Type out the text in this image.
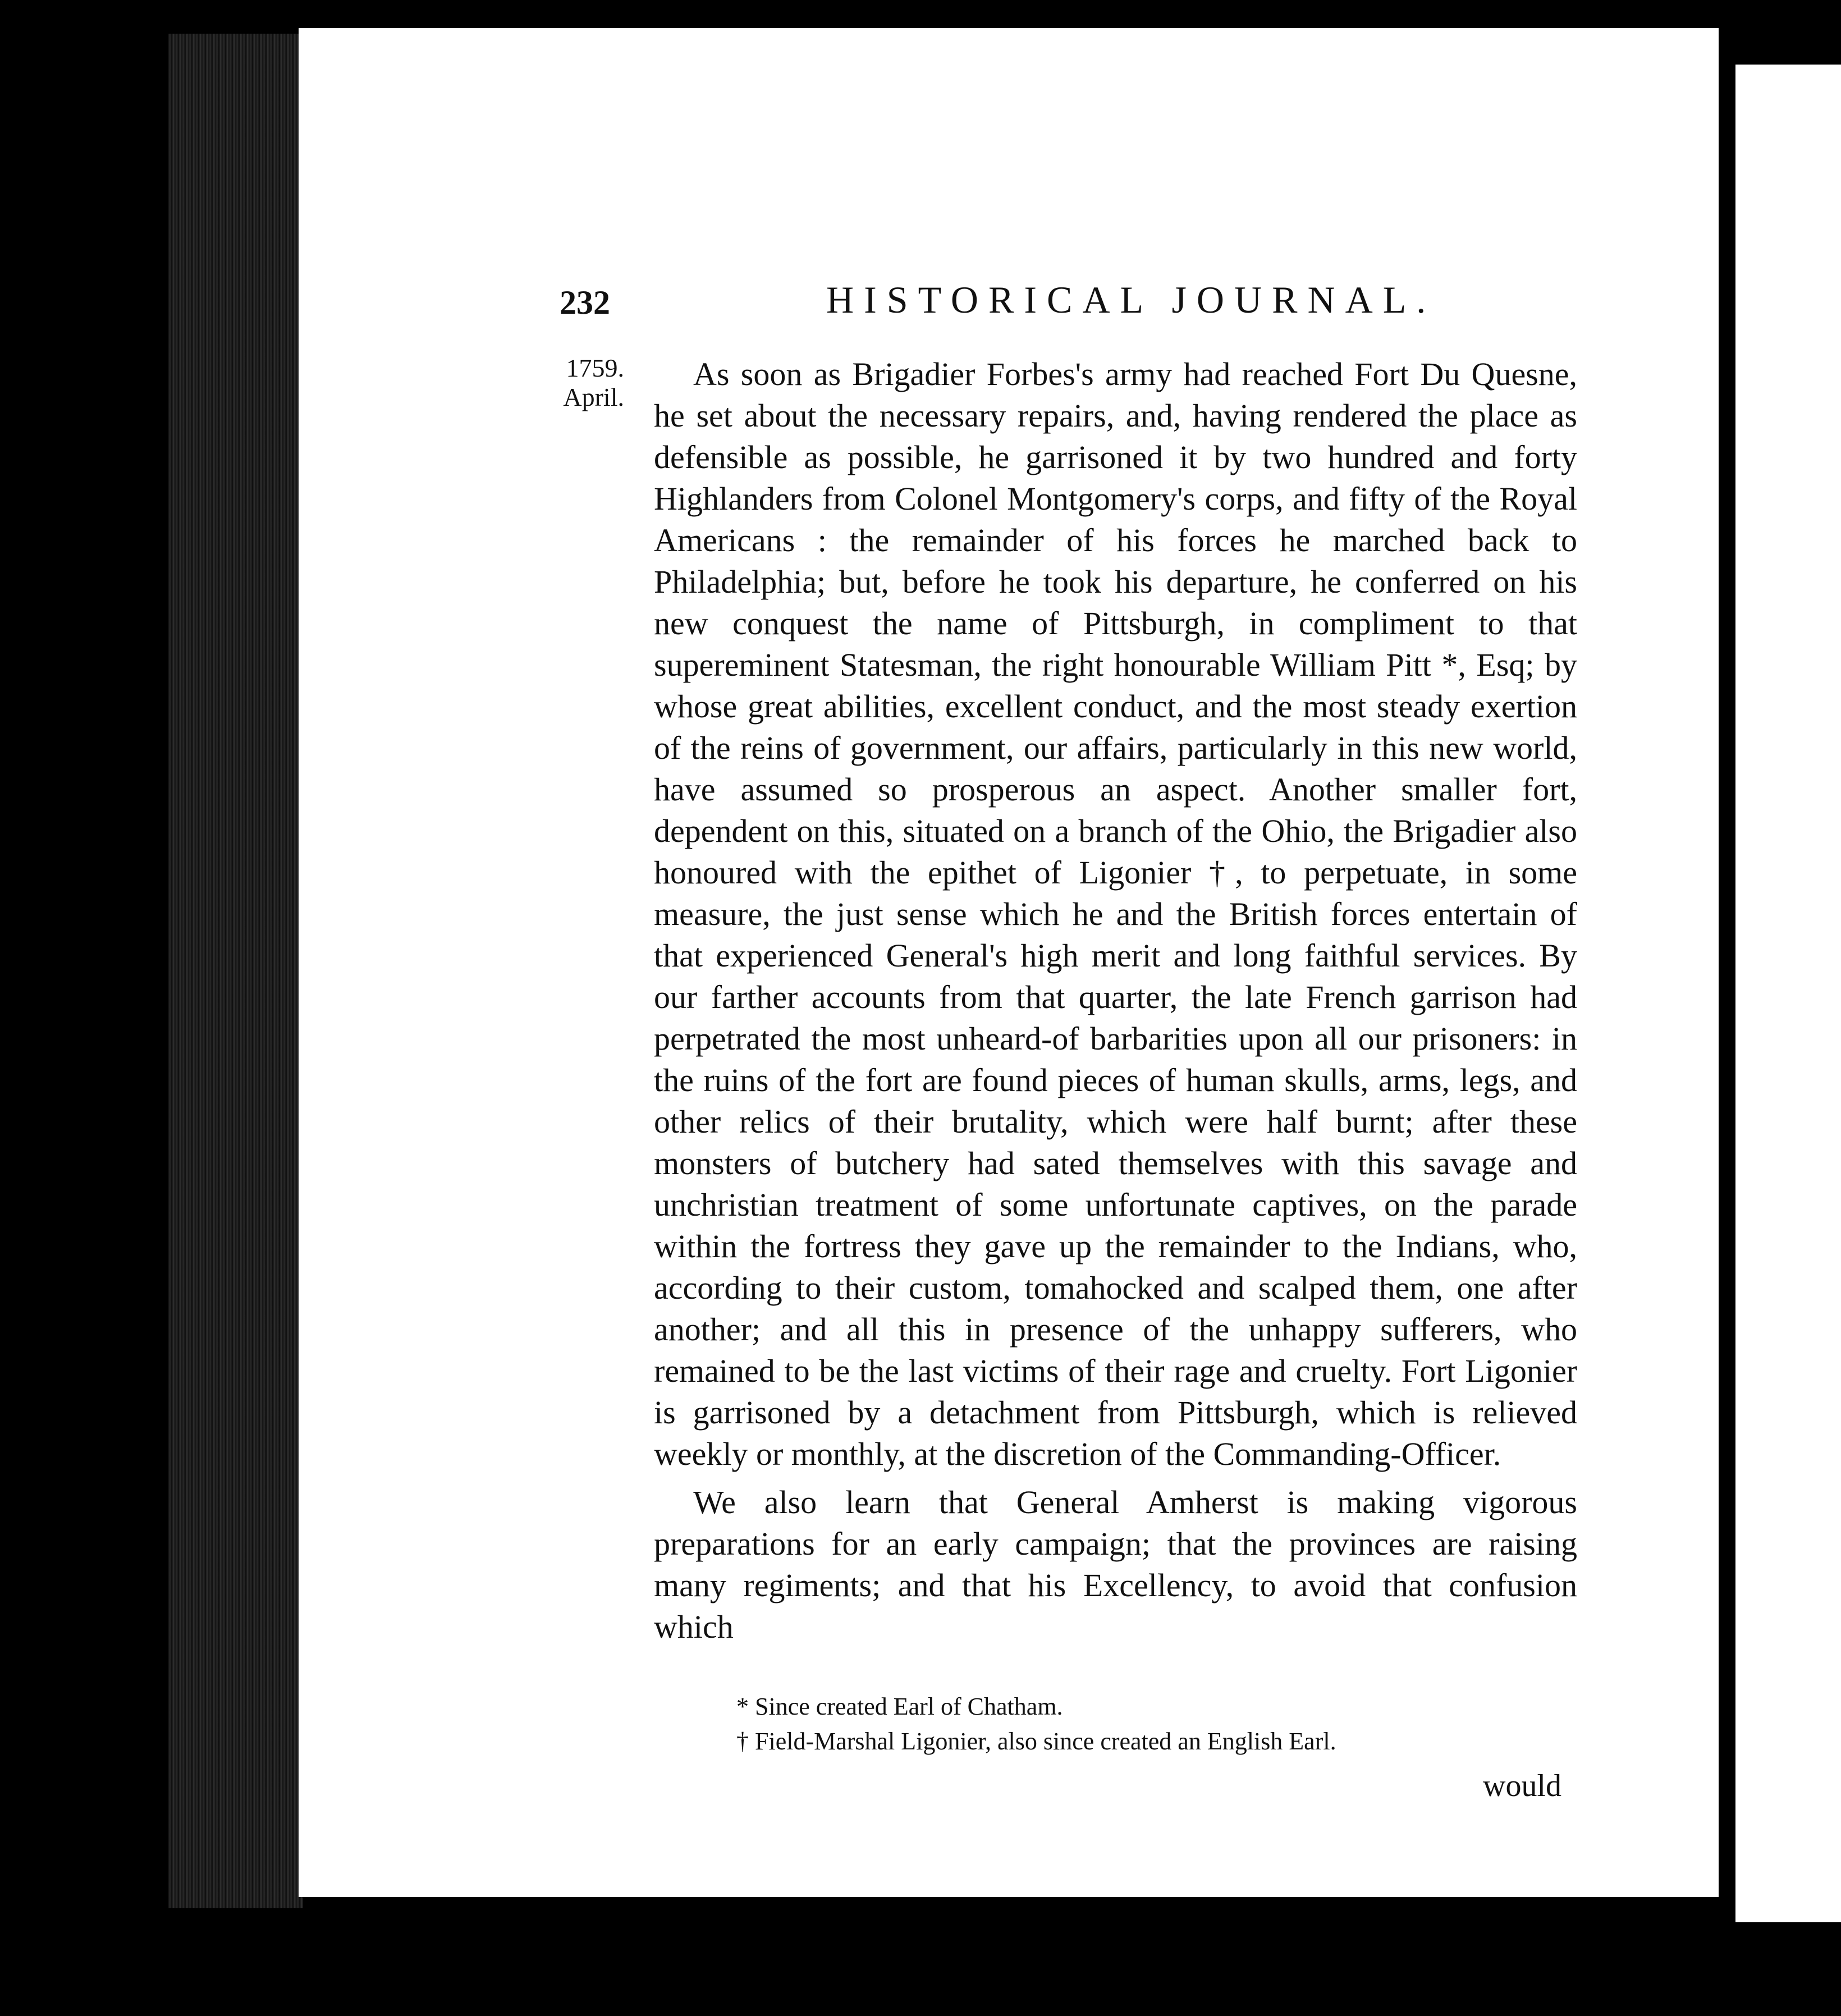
232	HISTORICAL JOURNAL.
1759.
April.

As soon as Brigadier Forbes's army had reached Fort Du Quesne, he set about the necessary repairs, and, having rendered the place as defensible as possible, he garrisoned it by two hundred and forty Highlanders from Colonel Montgomery's corps, and fifty of the Royal Americans : the remainder of his forces he marched back to Philadelphia; but, before he took his departure, he conferred on his new conquest the name of Pittsburgh, in compliment to that supereminent Statesman, the right honourable William Pitt *, Esq; by whose great abilities, excellent conduct, and the most steady exertion of the reins of government, our affairs, particularly in this new world, have assumed so prosperous an aspect. Another smaller fort, dependent on this, situated on a branch of the Ohio, the Brigadier also honoured with the epithet of Ligonier †, to perpetuate, in some measure, the just sense which he and the British forces entertain of that experienced General's high merit and long faithful services. By our farther accounts from that quarter, the late French garrison had perpetrated the most unheard-of barbarities upon all our prisoners: in the ruins of the fort are found pieces of human skulls, arms, legs, and other relics of their brutality, which were half burnt; after these monsters of butchery had sated themselves with this savage and unchristian treatment of some unfortunate captives, on the parade within the fortress they gave up the remainder to the Indians, who, according to their custom, tomahocked and scalped them, one after another; and all this in presence of the unhappy sufferers, who remained to be the last victims of their rage and cruelty. Fort Ligonier is garrisoned by a detachment from Pittsburgh, which is relieved weekly or monthly, at the discretion of the Commanding-Officer.

We also learn that General Amherst is making vigorous preparations for an early campaign; that the provinces are raising many regiments; and that his Excellency, to avoid that confusion which

* Since created Earl of Chatham.

† Field-Marshal Ligonier, also since created an English Earl.

would
